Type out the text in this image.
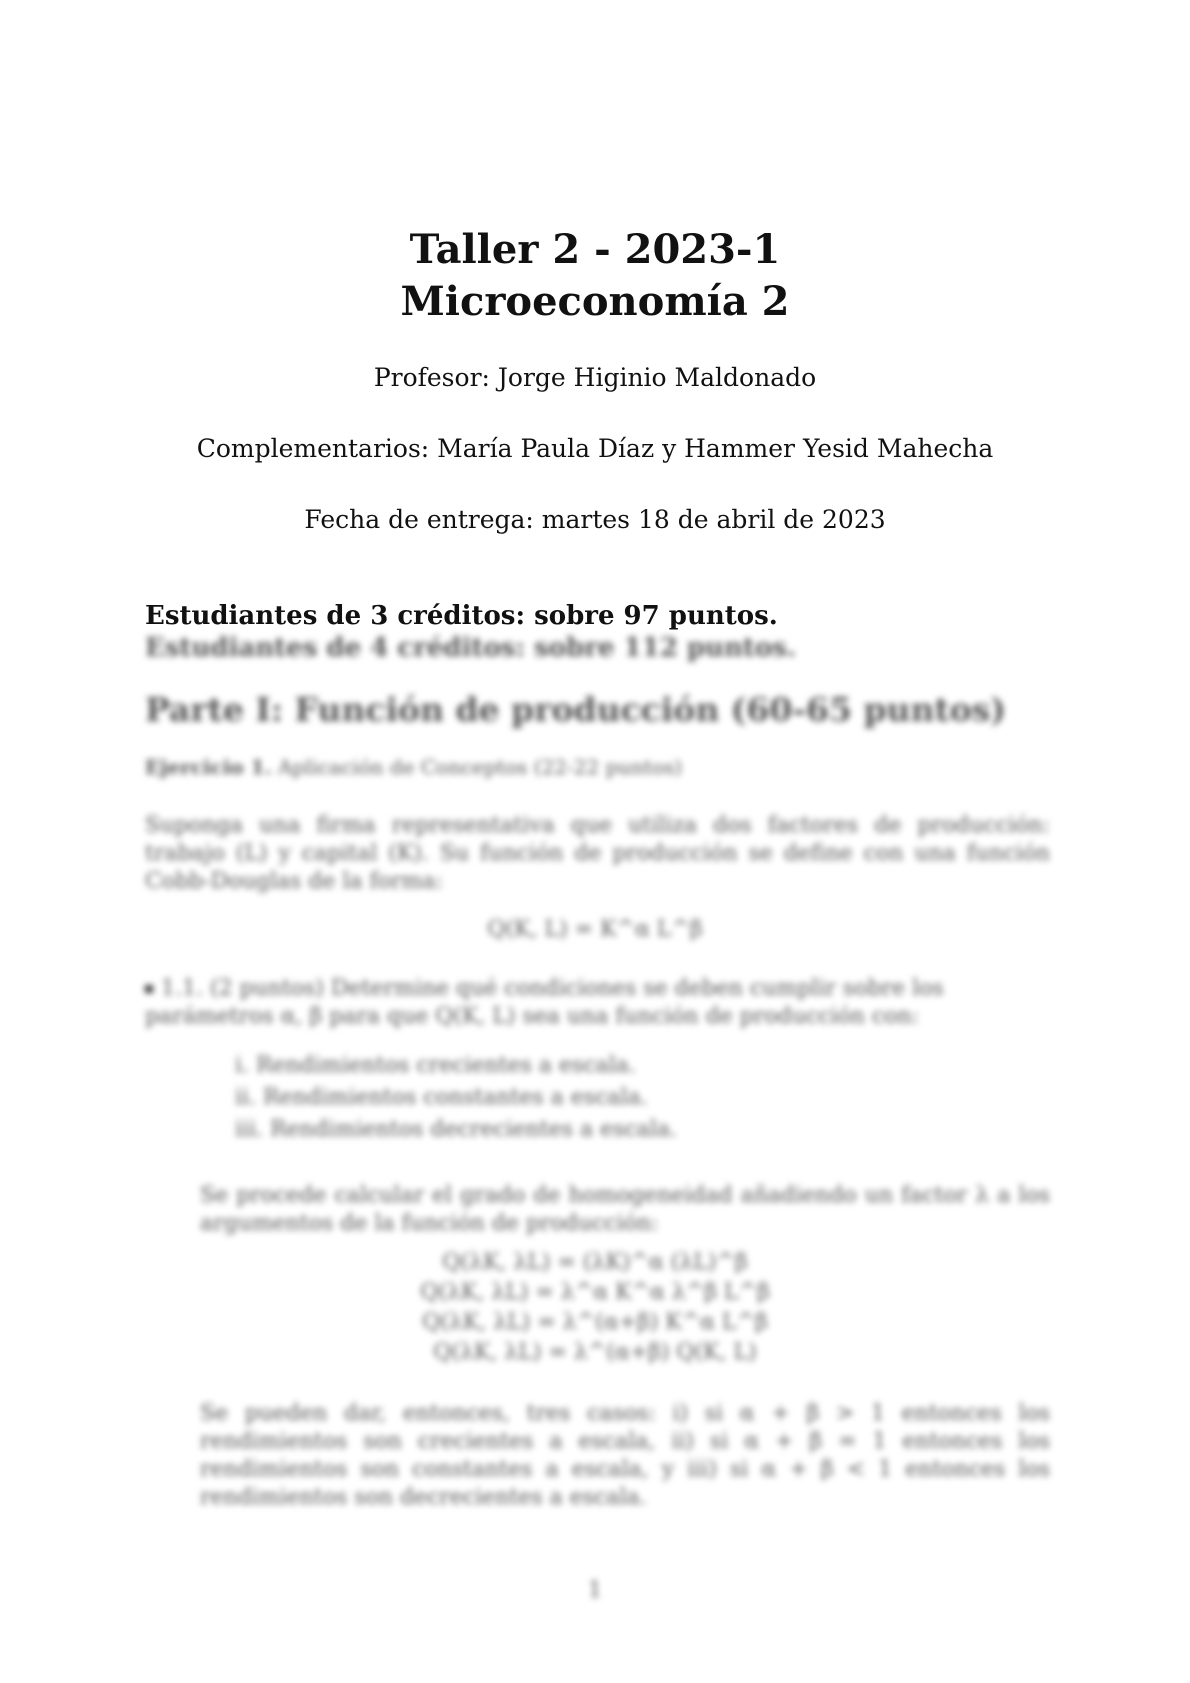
Taller 2 - 2023-1
Microeconomía 2
Profesor: Jorge Higinio Maldonado
Complementarios: María Paula Díaz y Hammer Yesid Mahecha
Fecha de entrega: martes 18 de abril de 2023
Estudiantes de 3 créditos: sobre 97 puntos.
Estudiantes de 4 créditos: sobre 112 puntos.
Parte I: Función de producción (60-65 puntos)
Ejercicio 1. Aplicación de Conceptos (22-22 puntos)
Suponga una firma representativa que utiliza dos factores de producción: trabajo (L) y capital (K). Su función de producción se define con una función Cobb-Douglas de la forma:
Q(K, L) = K^α L^β
1.1. (2 puntos) Determine qué condiciones se deben cumplir sobre los parámetros α, β para que Q(K, L) sea una función de producción con:
i. Rendimientos crecientes a escala.
ii. Rendimientos constantes a escala.
iii. Rendimientos decrecientes a escala.
Se procede calcular el grado de homogeneidad añadiendo un factor λ a los argumentos de la función de producción:
Q(λK, λL) = (λK)^α (λL)^β
Q(λK, λL) = λ^α K^α λ^β L^β
Q(λK, λL) = λ^(α+β) K^α L^β
Q(λK, λL) = λ^(α+β) Q(K, L)
Se pueden dar, entonces, tres casos: i) si α + β > 1 entonces los rendimientos son crecientes a escala, ii) si α + β = 1 entonces los rendimientos son constantes a escala, y iii) si α + β < 1 entonces los rendimientos son decrecientes a escala.
1
